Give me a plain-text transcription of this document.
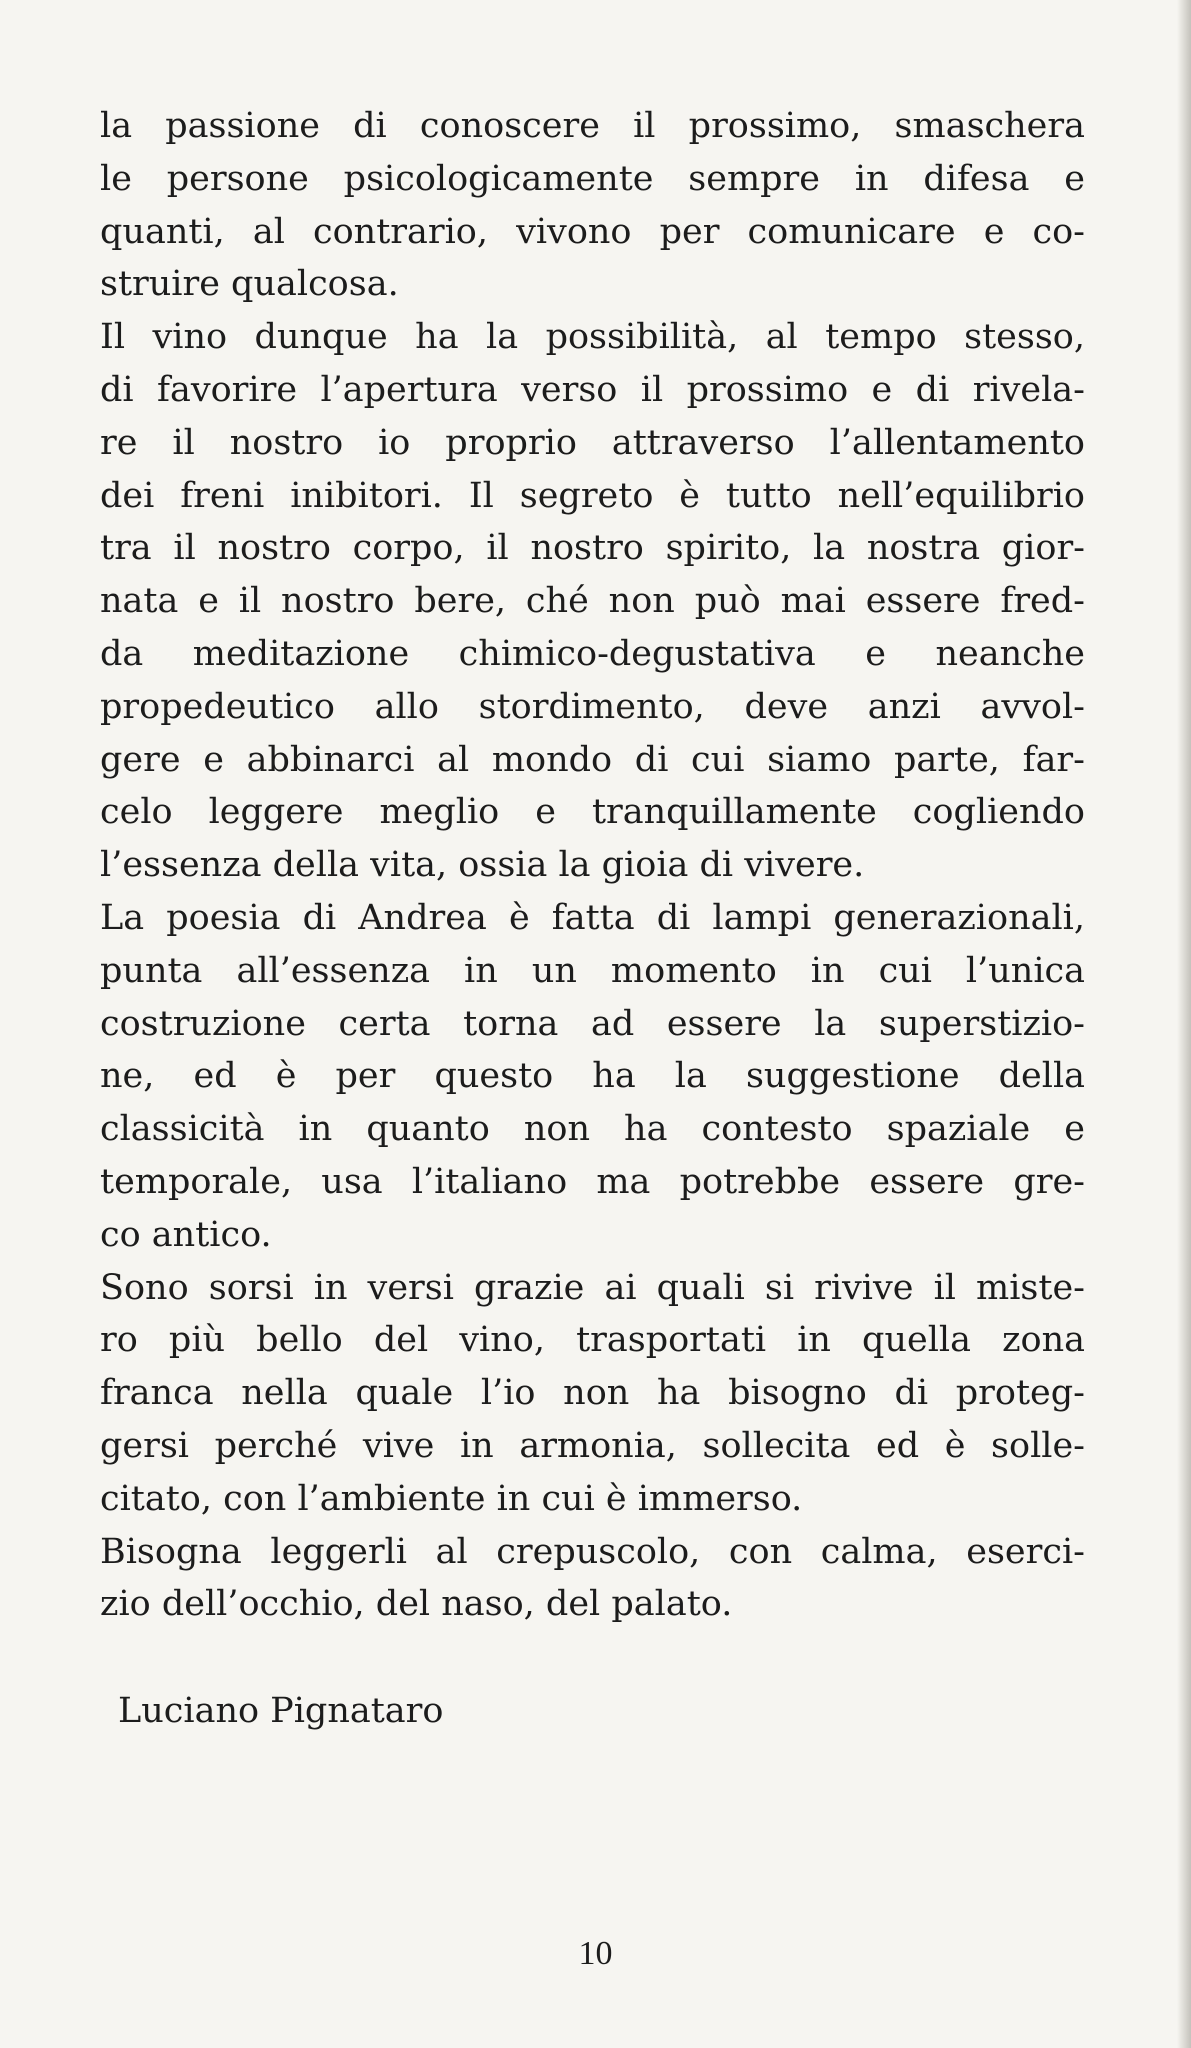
la passione di conoscere il prossimo, smaschera
le persone psicologicamente sempre in difesa e
quanti, al contrario, vivono per comunicare e co-
struire qualcosa.
Il vino dunque ha la possibilità, al tempo stesso,
di favorire l’apertura verso il prossimo e di rivela-
re il nostro io proprio attraverso l’allentamento
dei freni inibitori. Il segreto è tutto nell’equilibrio
tra il nostro corpo, il nostro spirito, la nostra gior-
nata e il nostro bere, ché non può mai essere fred-
da meditazione chimico-degustativa e neanche
propedeutico allo stordimento, deve anzi avvol-
gere e abbinarci al mondo di cui siamo parte, far-
celo leggere meglio e tranquillamente cogliendo
l’essenza della vita, ossia la gioia di vivere.
La poesia di Andrea è fatta di lampi generazionali,
punta all’essenza in un momento in cui l’unica
costruzione certa torna ad essere la superstizio-
ne, ed è per questo ha la suggestione della
classicità in quanto non ha contesto spaziale e
temporale, usa l’italiano ma potrebbe essere gre-
co antico.
Sono sorsi in versi grazie ai quali si rivive il miste-
ro più bello del vino, trasportati in quella zona
franca nella quale l’io non ha bisogno di proteg-
gersi perché vive in armonia, sollecita ed è solle-
citato, con l’ambiente in cui è immerso.
Bisogna leggerli al crepuscolo, con calma, eserci-
zio dell’occhio, del naso, del palato.
Luciano Pignataro
10
